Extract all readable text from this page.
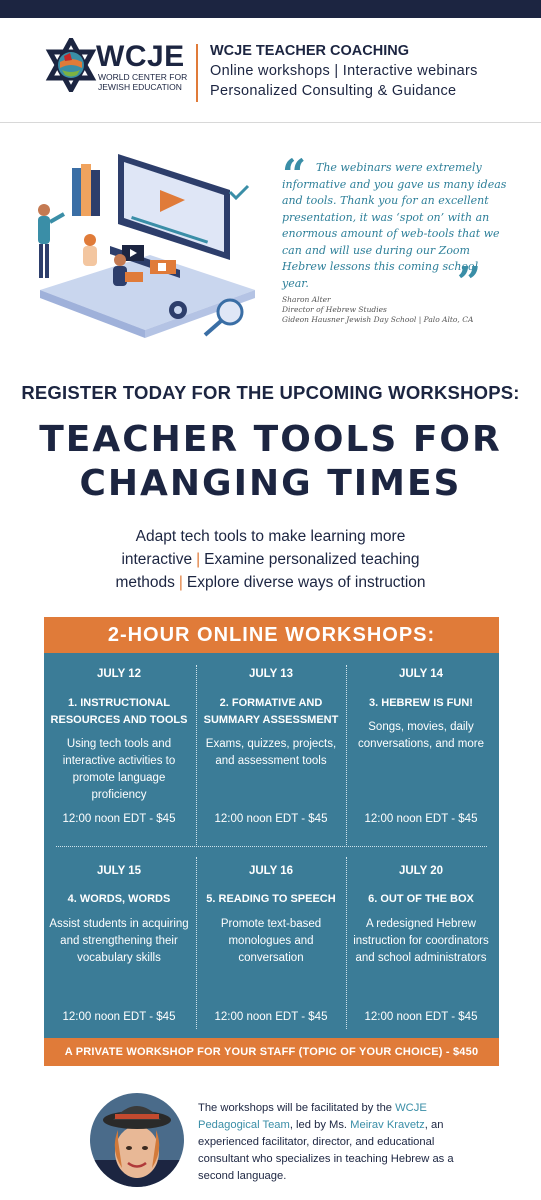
WCJE
WORLD CENTER FOR
JEWISH EDUCATION
WCJE TEACHER COACHING
Online workshops | Interactive webinars
Personalized Consulting & Guidance
“ The webinars were extremely informative and you gave us many ideas and tools. Thank you for an excellent presentation, it was ‘spot on’ with an enormous amount of web-tools that we can and will use during our Zoom Hebrew lessons this coming school year.	”
Sharon Alter
Director of Hebrew Studies
Gideon Hausner Jewish Day School | Palo Alto, CA
REGISTER TODAY FOR THE UPCOMING WORKSHOPS:
TEACHER TOOLS FOR
CHANGING TIMES
Adapt tech tools to make learning more
interactive | Examine personalized teaching
methods | Explore diverse ways of instruction
2-HOUR ONLINE WORKSHOPS:
JULY 12
1. INSTRUCTIONAL RESOURCES AND TOOLS
Using tech tools and interactive activities to promote language proficiency
12:00 noon EDT - $45
JULY 13
2. FORMATIVE AND SUMMARY ASSESSMENT
Exams, quizzes, projects, and assessment tools
12:00 noon EDT - $45
JULY 14
3. HEBREW IS FUN!
Songs, movies, daily conversations, and more
12:00 noon EDT - $45
JULY 15
4. WORDS, WORDS
Assist students in acquiring and strengthening their vocabulary skills
12:00 noon EDT - $45
JULY 16
5. READING TO SPEECH
Promote text-based monologues and conversation
12:00 noon EDT - $45
JULY 20
6. OUT OF THE BOX
A redesigned Hebrew instruction for coordinators and school administrators
12:00 noon EDT - $45
A PRIVATE WORKSHOP FOR YOUR STAFF (TOPIC OF YOUR CHOICE) - $450
The workshops will be facilitated by the WCJE Pedagogical Team, led by Ms. Meirav Kravetz, an experienced facilitator, director, and educational consultant who specializes in teaching Hebrew as a second language.
